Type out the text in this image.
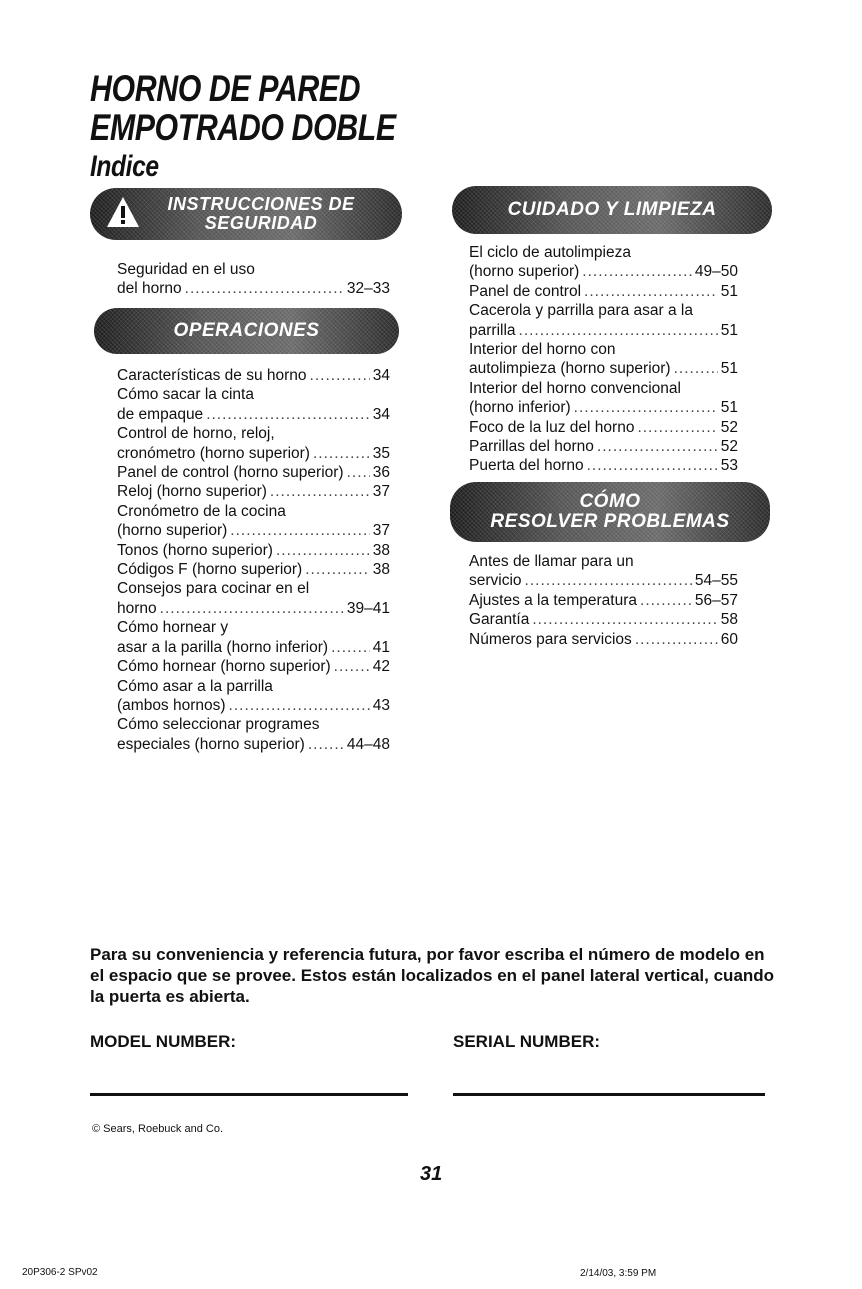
HORNO DE PARED
EMPOTRADO DOBLE
Indice
INSTRUCCIONES DE
SEGURIDAD
Seguridad en el uso
del horno .....	32–33
OPERACIONES
Características de su horno .....	34
Cómo sacar la cinta
de empaque .....	34
Control de horno, reloj,
cronómetro (horno superior) .....	35
Panel de control (horno superior) ..... 36
Reloj (horno superior) .....	37
Cronómetro de la cocina
(horno superior) .....	37
Tonos (horno superior) .....	38
Códigos F (horno superior) .....	38
Consejos para cocinar en el
horno .....	39–41
Cómo hornear y
asar a la parilla (horno inferior) .....	41
Cómo hornear (horno superior) .....	42
Cómo asar a la parrilla
(ambos hornos) .....	43
Cómo seleccionar programes
especiales (horno superior) .....	44–48
CUIDADO Y LIMPIEZA
El ciclo de autolimpieza
(horno superior) .....	49–50
Panel de control .....	51
Cacerola y parrilla para asar a la
parrilla .....	51
Interior del horno con
autolimpieza (horno superior) .....	51
Interior del horno convencional
(horno inferior) .....	51
Foco de la luz del horno .....	52
Parrillas del horno .....	52
Puerta del horno .....	53
CÓMO
RESOLVER PROBLEMAS
Antes de llamar para un
servicio .....	54–55
Ajustes a la temperatura .....	56–57
Garantía .....	58
Números para servicios .....	60
Para su conveniencia y referencia futura, por favor escriba el número de modelo en el espacio que se provee. Estos están localizados en el panel lateral vertical, cuando la puerta es abierta.
MODEL NUMBER:	SERIAL NUMBER:
© Sears, Roebuck and Co.
31
20P306-2 SPv02	2/14/03, 3:59 PM
